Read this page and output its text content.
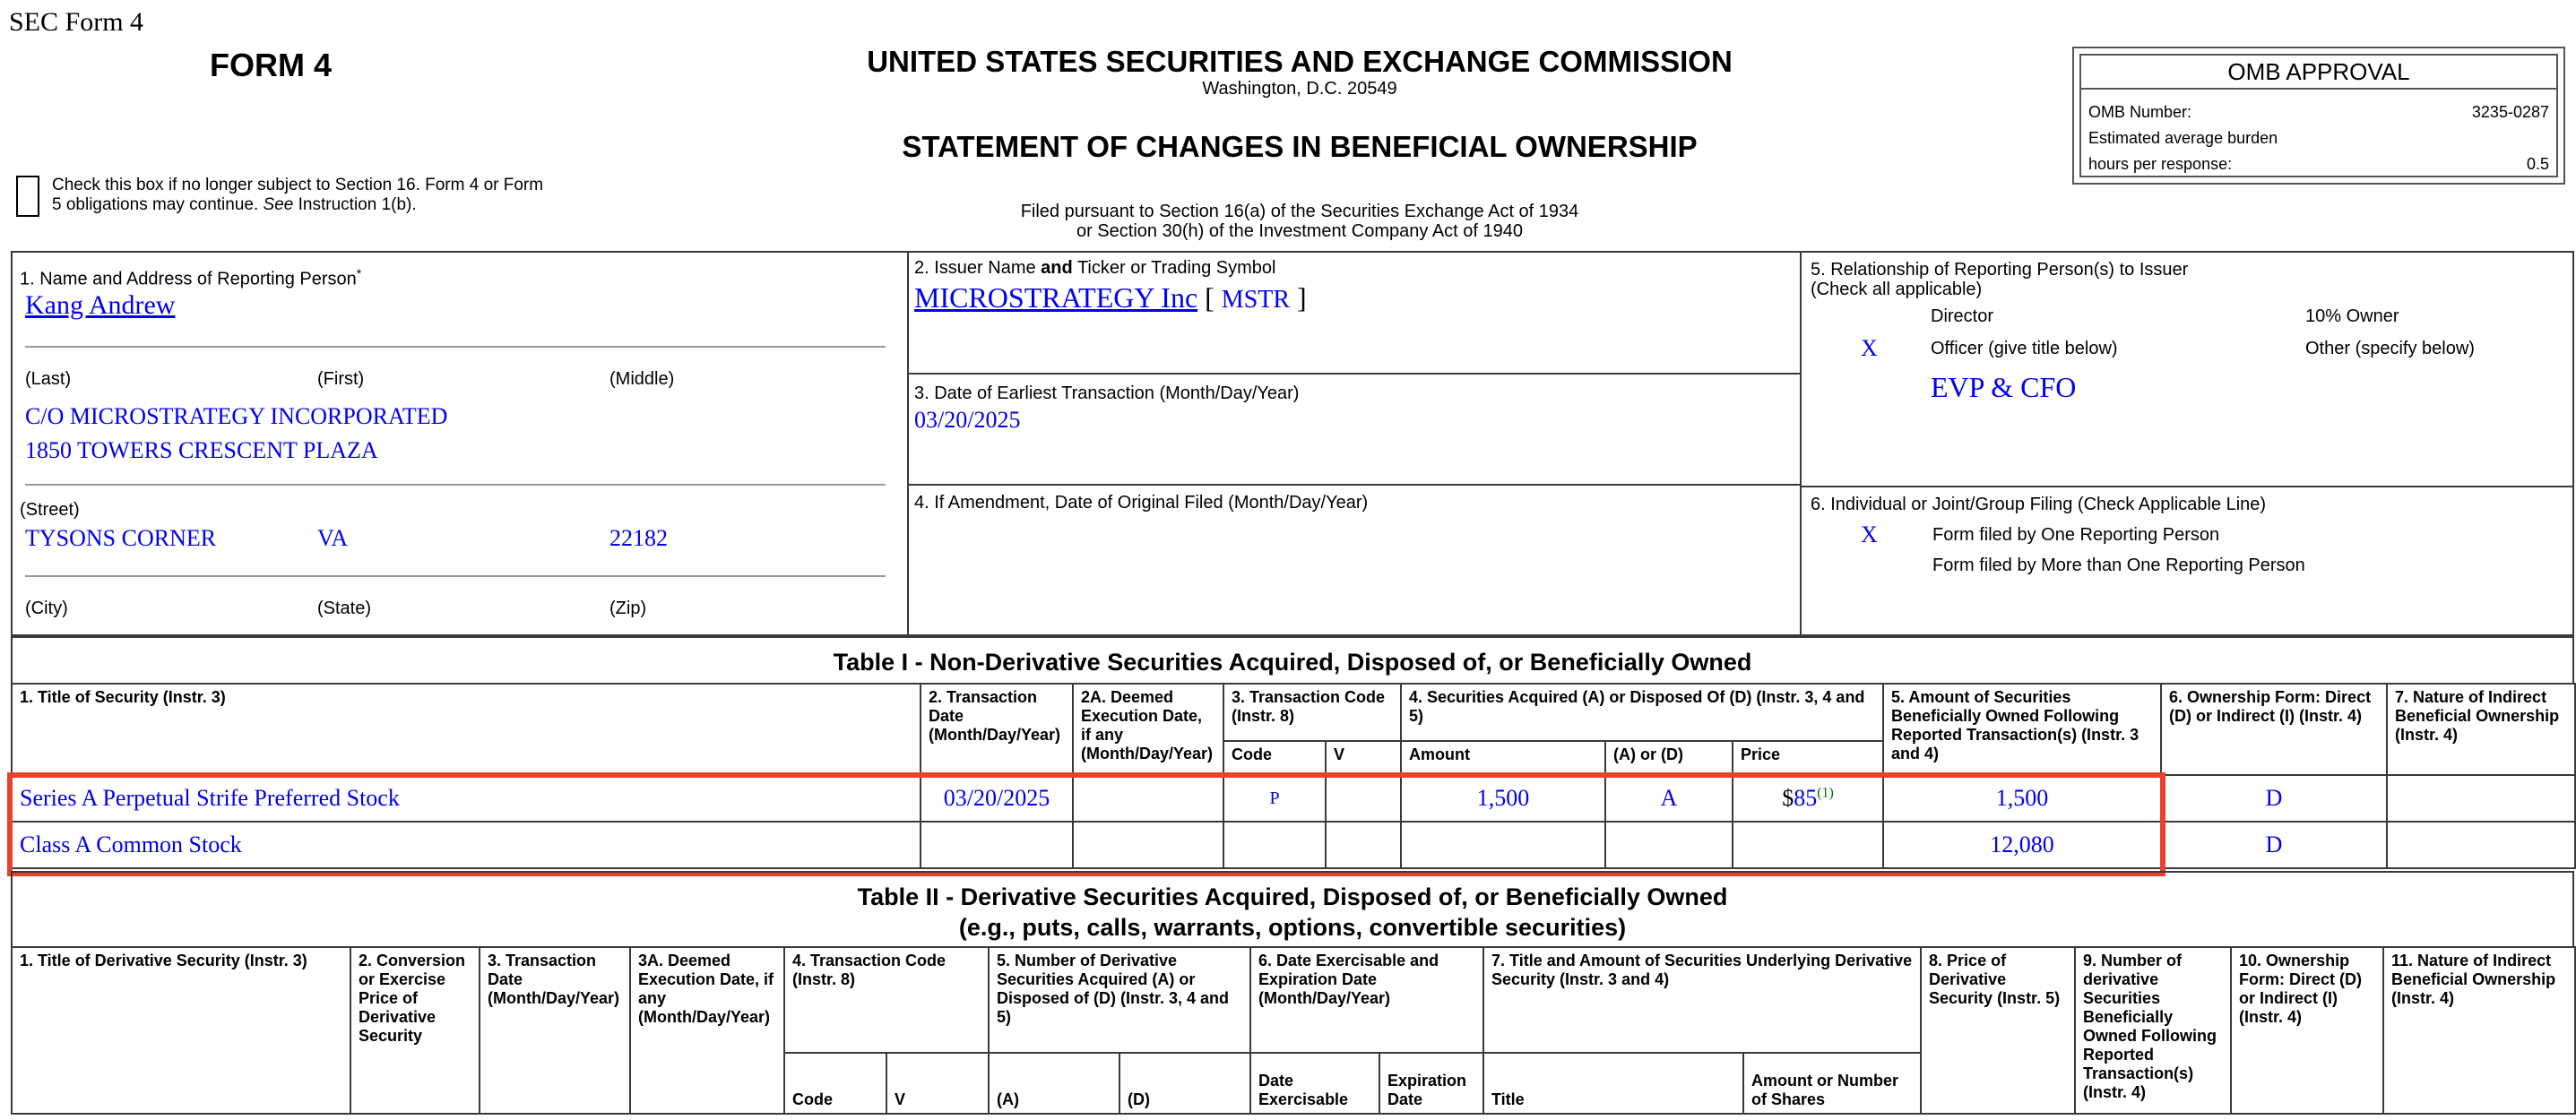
SEC Form 4
FORM 4	UNITED STATES SECURITIES AND EXCHANGE COMMISSION
Washington, D.C. 20549
STATEMENT OF CHANGES IN BENEFICIAL OWNERSHIP
Check this box if no longer subject to Section 16. Form 4 or Form
5 obligations may continue. See Instruction 1(b).	Filed pursuant to Section 16(a) of the Securities Exchange Act of 1934
or Section 30(h) of the Investment Company Act of 1940
OMB APPROVAL
OMB Number:	3235-0287
Estimated average burden
hours per response:	0.5
1. Name and Address of Reporting Person*
Kang Andrew
(Last)	(First)	(Middle)
C/O MICROSTRATEGY INCORPORATED
1850 TOWERS CRESCENT PLAZA
(Street)
TYSONS CORNER	VA	22182
(City)	(State)	(Zip)
2. Issuer Name and Ticker or Trading Symbol
MICROSTRATEGY Inc [ MSTR ]
3. Date of Earliest Transaction (Month/Day/Year)
03/20/2025
4. If Amendment, Date of Original Filed (Month/Day/Year)
5. Relationship of Reporting Person(s) to Issuer
(Check all applicable)
Director	10% Owner
X	Officer (give title below)	Other (specify below)
EVP & CFO
6. Individual or Joint/Group Filing (Check Applicable Line)
X	Form filed by One Reporting Person
Form filed by More than One Reporting Person
Table I - Non-Derivative Securities Acquired, Disposed of, or Beneficially Owned
1. Title of Security (Instr. 3)	2. Transaction Date (Month/Day/Year)	2A. Deemed Execution Date, if any (Month/Day/Year)	3. Transaction Code (Instr. 8)		4. Securities Acquired (A) or Disposed Of (D) (Instr. 3, 4 and 5)			5. Amount of Securities Beneficially Owned Following Reported Transaction(s) (Instr. 3 and 4)	6. Ownership Form: Direct (D) or Indirect (I) (Instr. 4)	7. Nature of Indirect Beneficial Ownership (Instr. 4)
			Code	V	Amount	(A) or (D)	Price			
Series A Perpetual Strife Preferred Stock	03/20/2025		P		1,500	A	$85$^{(1)}$	1,500	D	
Class A Common Stock								12,080	D	
Table II - Derivative Securities Acquired, Disposed of, or Beneficially Owned
(e.g., puts, calls, warrants, options, convertible securities)
1. Title of Derivative Security (Instr. 3)	2. Conversion or Exercise Price of Derivative Security	3. Transaction Date (Month/Day/Year)	3A. Deemed Execution Date, if any (Month/Day/Year)	4. Transaction Code (Instr. 8)		5. Number of Derivative Securities Acquired (A) or Disposed of (D) (Instr. 3, 4 and 5)		6. Date Exercisable and Expiration Date (Month/Day/Year)		7. Title and Amount of Securities Underlying Derivative Security (Instr. 3 and 4)		8. Price of Derivative Security (Instr. 5)	9. Number of derivative Securities Beneficially Owned Following Reported Transaction(s) (Instr. 4)	10. Ownership Form: Direct (D) or Indirect (I) (Instr. 4)	11. Nature of Indirect Beneficial Ownership (Instr. 4)
				Code	V	(A)	(D)	Date Exercisable	Expiration Date	Title	Amount or Number of Shares				
